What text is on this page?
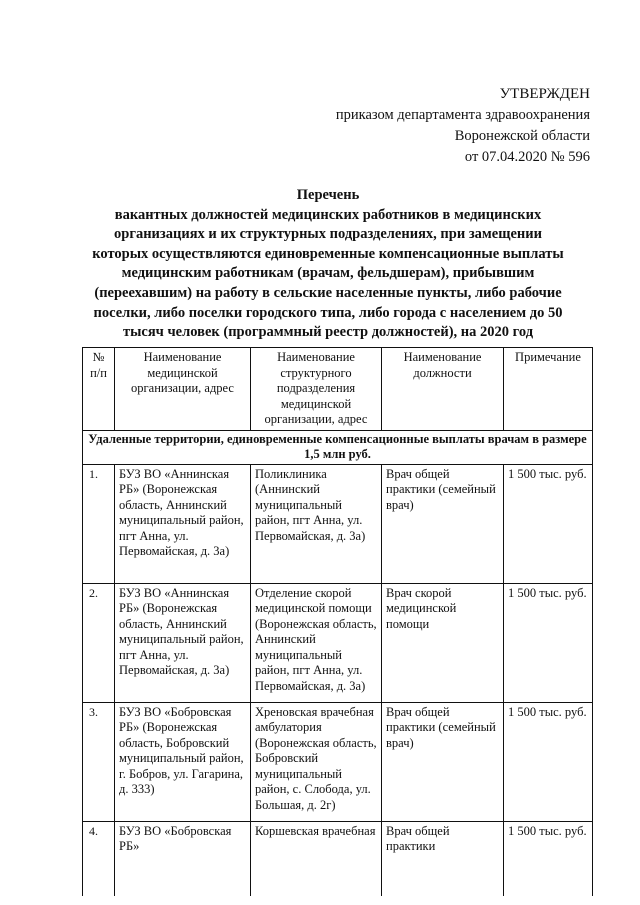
УТВЕРЖДЕН
приказом департамента здравоохранения
Воронежской области
от 07.04.2020 № 596
Перечень
вакантных должностей медицинских работников в медицинских
организациях и их структурных подразделениях, при замещении
которых осуществляются единовременные компенсационные выплаты
медицинским работникам (врачам, фельдшерам), прибывшим
(переехавшим) на работу в сельские населенные пункты, либо рабочие
поселки, либо поселки городского типа, либо города с населением до 50
тысяч человек (программный реестр должностей), на 2020 год
№ п/п	Наименование медицинской организации, адрес	Наименование структурного подразделения медицинской организации, адрес	Наименование должности	Примечание
Удаленные территории, единовременные компенсационные выплаты врачам в размере 1,5 млн руб.				
1.	БУЗ ВО «Аннинская РБ» (Воронежская область, Аннинский муниципальный район, пгт Анна, ул. Первомайская, д. 3а)	Поликлиника (Аннинский муниципальный район, пгт Анна, ул. Первомайская, д. 3а)	Врач общей практики (семейный врач)	1 500 тыс. руб.
2.	БУЗ ВО «Аннинская РБ» (Воронежская область, Аннинский муниципальный район, пгт Анна, ул. Первомайская, д. 3а)	Отделение скорой медицинской помощи (Воронежская область, Аннинский муниципальный район, пгт Анна, ул. Первомайская, д. 3а)	Врач скорой медицинской помощи	1 500 тыс. руб.
3.	БУЗ ВО «Бобровская РБ» (Воронежская область, Бобровский муниципальный район, г. Бобров, ул. Гагарина, д. 333)	Хреновская врачебная амбулатория (Воронежская область, Бобровский муниципальный район, с. Слобода, ул. Большая, д. 2г)	Врач общей практики (семейный врач)	1 500 тыс. руб.
4.	БУЗ ВО «Бобровская РБ»	Коршевская врачебная	Врач общей практики	1 500 тыс. руб.
